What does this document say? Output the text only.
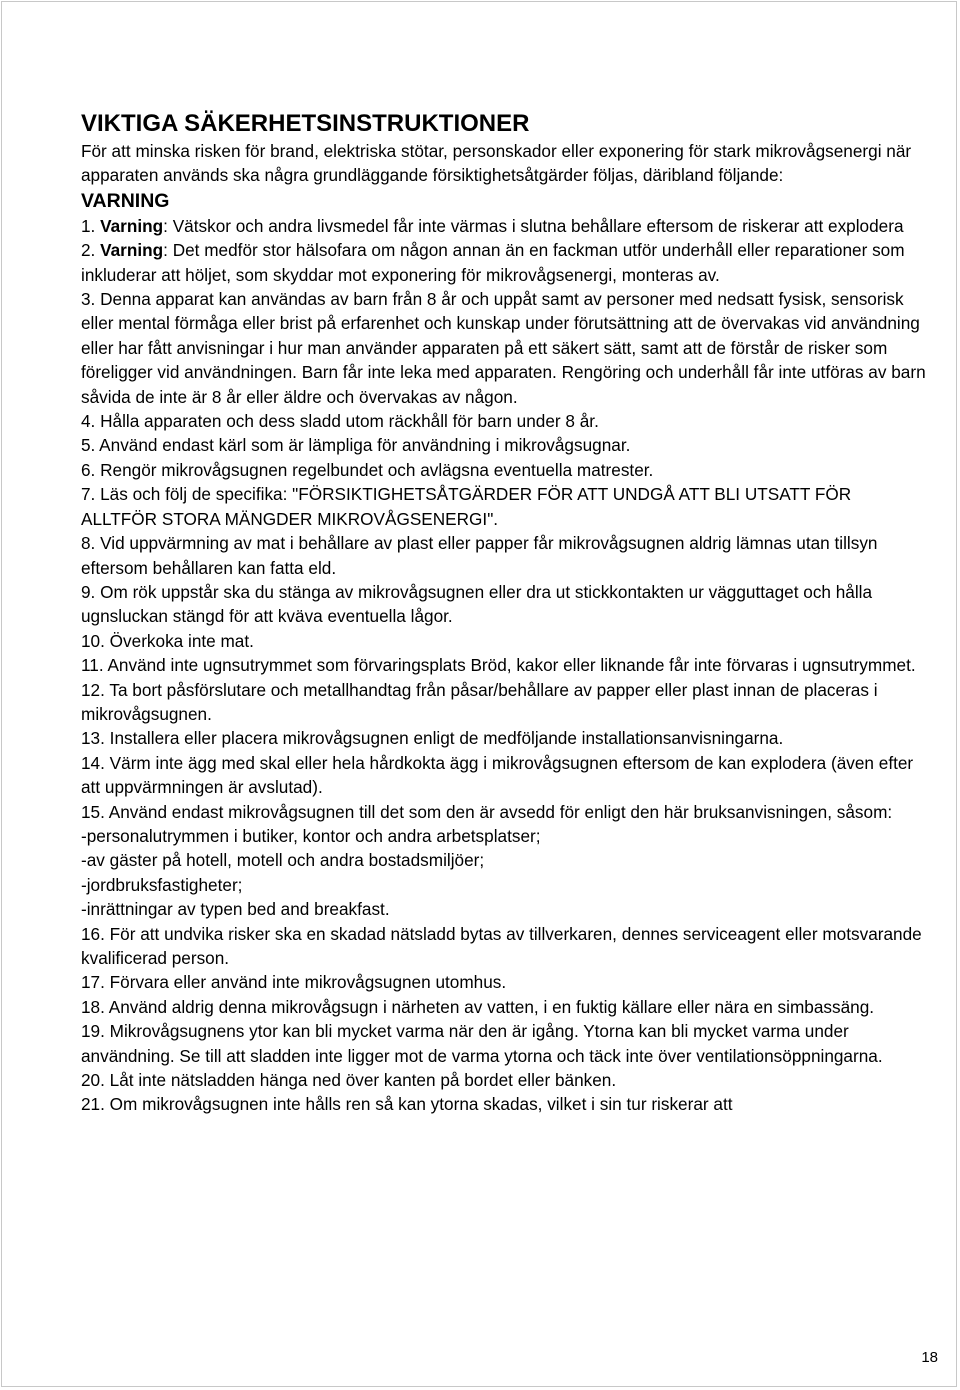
VIKTIGA SÄKERHETSINSTRUKTIONER

För att minska risken för brand, elektriska stötar, personskador eller exponering för stark mikrovågsenergi när apparaten används ska några grundläggande försiktighetsåtgärder följas, däribland följande:

VARNING

1. Varning: Vätskor och andra livsmedel får inte värmas i slutna behållare eftersom de riskerar att explodera

2. Varning: Det medför stor hälsofara om någon annan än en fackman utför underhåll eller reparationer som inkluderar att höljet, som skyddar mot exponering för mikrovågsenergi, monteras av.

3. Denna apparat kan användas av barn från 8 år och uppåt samt av personer med nedsatt fysisk, sensorisk eller mental förmåga eller brist på erfarenhet och kunskap under förutsättning att de övervakas vid användning eller har fått anvisningar i hur man använder apparaten på ett säkert sätt, samt att de förstår de risker som föreligger vid användningen. Barn får inte leka med apparaten. Rengöring och underhåll får inte utföras av barn såvida de inte är 8 år eller äldre och övervakas av någon.

4. Hålla apparaten och dess sladd utom räckhåll för barn under 8 år.

5. Använd endast kärl som är lämpliga för användning i mikrovågsugnar.

6. Rengör mikrovågsugnen regelbundet och avlägsna eventuella matrester.

7. Läs och följ de specifika: "FÖRSIKTIGHETSÅTGÄRDER FÖR ATT UNDGÅ ATT BLI UTSATT FÖR ALLTFÖR STORA MÄNGDER MIKROVÅGSENERGI".

8. Vid uppvärmning av mat i behållare av plast eller papper får mikrovågsugnen aldrig lämnas utan tillsyn eftersom behållaren kan fatta eld.

9. Om rök uppstår ska du stänga av mikrovågsugnen eller dra ut stickkontakten ur vägguttaget och hålla ugnsluckan stängd för att kväva eventuella lågor.

10. Överkoka inte mat.

11. Använd inte ugnsutrymmet som förvaringsplats Bröd, kakor eller liknande får inte förvaras i ugnsutrymmet.

12. Ta bort påsförslutare och metallhandtag från påsar/behållare av papper eller plast innan de placeras i mikrovågsugnen.

13. Installera eller placera mikrovågsugnen enligt de medföljande installationsanvisningarna.

14. Värm inte ägg med skal eller hela hårdkokta ägg i mikrovågsugnen eftersom de kan explodera (även efter att uppvärmningen är avslutad).

15. Använd endast mikrovågsugnen till det som den är avsedd för enligt den här bruksanvisningen, såsom:

-personalutrymmen i butiker, kontor och andra arbetsplatser;

-av gäster på hotell, motell och andra bostadsmiljöer;

-jordbruksfastigheter;

-inrättningar av typen bed and breakfast.

16. För att undvika risker ska en skadad nätsladd bytas av tillverkaren, dennes serviceagent eller motsvarande kvalificerad person.

17. Förvara eller använd inte mikrovågsugnen utomhus.

18. Använd aldrig denna mikrovågsugn i närheten av vatten, i en fuktig källare eller nära en simbassäng.

19. Mikrovågsugnens ytor kan bli mycket varma när den är igång. Ytorna kan bli mycket varma under användning. Se till att sladden inte ligger mot de varma ytorna och täck inte över ventilationsöppningarna.

20. Låt inte nätsladden hänga ned över kanten på bordet eller bänken.

21. Om mikrovågsugnen inte hålls ren så kan ytorna skadas, vilket i sin tur riskerar att

18
